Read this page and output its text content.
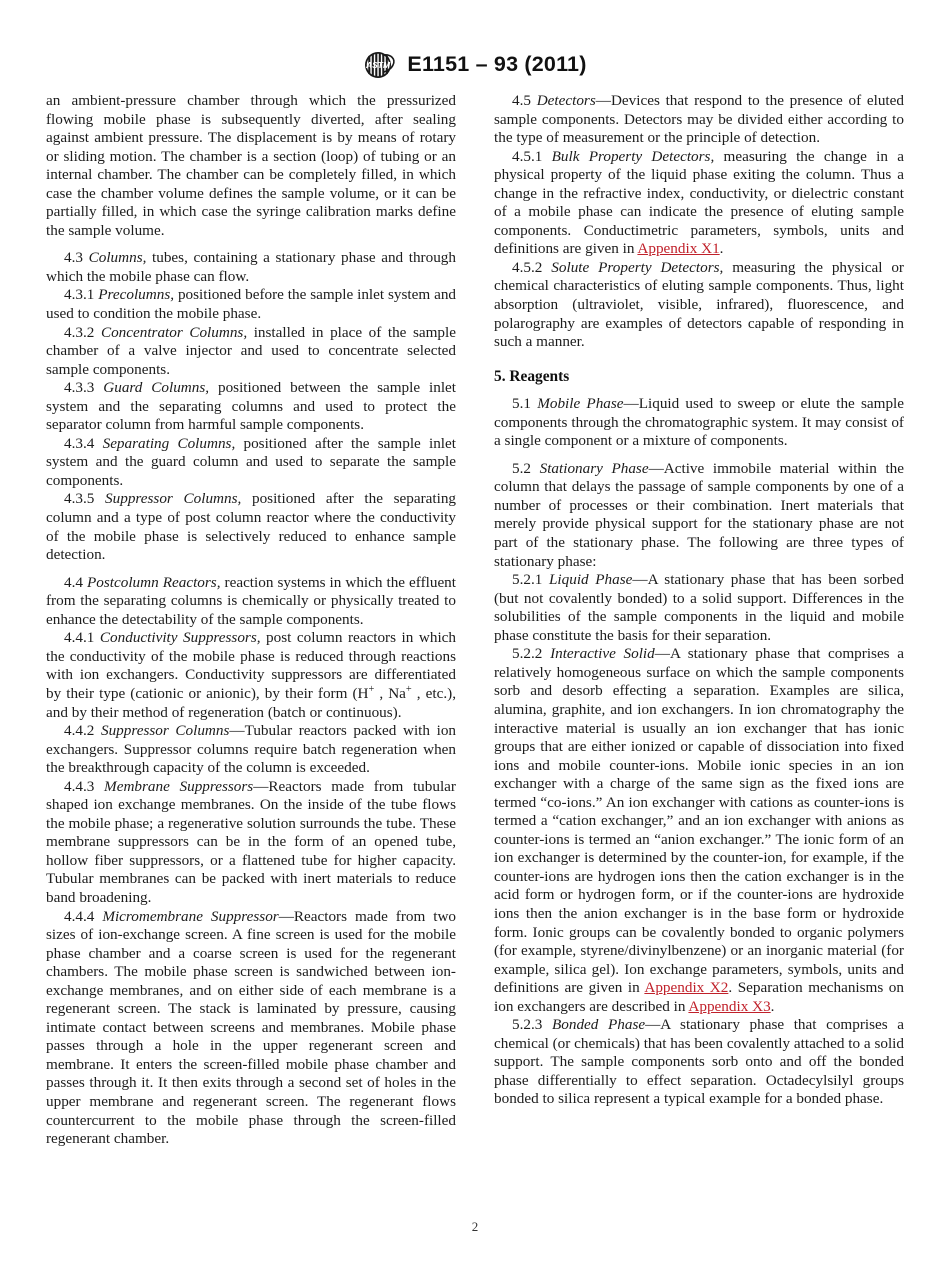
ASTM E1151 – 93 (2011)

an ambient-pressure chamber through which the pressurized flowing mobile phase is subsequently diverted, after sealing against ambient pressure. The displacement is by means of rotary or sliding motion. The chamber is a section (loop) of tubing or an internal chamber. The chamber can be completely filled, in which case the chamber volume defines the sample volume, or it can be partially filled, in which case the syringe calibration marks define the sample volume.

4.3 Columns, tubes, containing a stationary phase and through which the mobile phase can flow.

4.3.1 Precolumns, positioned before the sample inlet system and used to condition the mobile phase.

4.3.2 Concentrator Columns, installed in place of the sample chamber of a valve injector and used to concentrate selected sample components.

4.3.3 Guard Columns, positioned between the sample inlet system and the separating columns and used to protect the separator column from harmful sample components.

4.3.4 Separating Columns, positioned after the sample inlet system and the guard column and used to separate the sample components.

4.3.5 Suppressor Columns, positioned after the separating column and a type of post column reactor where the conductivity of the mobile phase is selectively reduced to enhance sample detection.

4.4 Postcolumn Reactors, reaction systems in which the effluent from the separating columns is chemically or physically treated to enhance the detectability of the sample components.

4.4.1 Conductivity Suppressors, post column reactors in which the conductivity of the mobile phase is reduced through reactions with ion exchangers. Conductivity suppressors are differentiated by their type (cationic or anionic), by their form (H+ , Na+ , etc.), and by their method of regeneration (batch or continuous).

4.4.2 Suppressor Columns—Tubular reactors packed with ion exchangers. Suppressor columns require batch regeneration when the breakthrough capacity of the column is exceeded.

4.4.3 Membrane Suppressors—Reactors made from tubular shaped ion exchange membranes. On the inside of the tube flows the mobile phase; a regenerative solution surrounds the tube. These membrane suppressors can be in the form of an opened tube, hollow fiber suppressors, or a flattened tube for higher capacity. Tubular membranes can be packed with inert materials to reduce band broadening.

4.4.4 Micromembrane Suppressor—Reactors made from two sizes of ion-exchange screen. A fine screen is used for the mobile phase chamber and a coarse screen is used for the regenerant chambers. The mobile phase screen is sandwiched between ion-exchange membranes, and on either side of each membrane is a regenerant screen. The stack is laminated by pressure, causing intimate contact between screens and membranes. Mobile phase passes through a hole in the upper regenerant screen and membrane. It enters the screen-filled mobile phase chamber and passes through it. It then exits through a second set of holes in the upper membrane and regenerant screen. The regenerant flows countercurrent to the mobile phase through the screen-filled regenerant chamber.

4.5 Detectors—Devices that respond to the presence of eluted sample components. Detectors may be divided either according to the type of measurement or the principle of detection.

4.5.1 Bulk Property Detectors, measuring the change in a physical property of the liquid phase exiting the column. Thus a change in the refractive index, conductivity, or dielectric constant of a mobile phase can indicate the presence of eluting sample components. Conductimetric parameters, symbols, units and definitions are given in Appendix X1.

4.5.2 Solute Property Detectors, measuring the physical or chemical characteristics of eluting sample components. Thus, light absorption (ultraviolet, visible, infrared), fluorescence, and polarography are examples of detectors capable of responding in such a manner.

5. Reagents

5.1 Mobile Phase—Liquid used to sweep or elute the sample components through the chromatographic system. It may consist of a single component or a mixture of components.

5.2 Stationary Phase—Active immobile material within the column that delays the passage of sample components by one of a number of processes or their combination. Inert materials that merely provide physical support for the stationary phase are not part of the stationary phase. The following are three types of stationary phase:

5.2.1 Liquid Phase—A stationary phase that has been sorbed (but not covalently bonded) to a solid support. Differences in the solubilities of the sample components in the liquid and mobile phase constitute the basis for their separation.

5.2.2 Interactive Solid—A stationary phase that comprises a relatively homogeneous surface on which the sample components sorb and desorb effecting a separation. Examples are silica, alumina, graphite, and ion exchangers. In ion chromatography the interactive material is usually an ion exchanger that has ionic groups that are either ionized or capable of dissociation into fixed ions and mobile counter-ions. Mobile ionic species in an ion exchanger with a charge of the same sign as the fixed ions are termed “co-ions.” An ion exchanger with cations as counter-ions is termed a “cation exchanger,” and an ion exchanger with anions as counter-ions is termed an “anion exchanger.” The ionic form of an ion exchanger is determined by the counter-ion, for example, if the counter-ions are hydrogen ions then the cation exchanger is in the acid form or hydrogen form, or if the counter-ions are hydroxide ions then the anion exchanger is in the base form or hydroxide form. Ionic groups can be covalently bonded to organic polymers (for example, styrene/divinylbenzene) or an inorganic material (for example, silica gel). Ion exchange parameters, symbols, units and definitions are given in Appendix X2. Separation mechanisms on ion exchangers are described in Appendix X3.

5.2.3 Bonded Phase—A stationary phase that comprises a chemical (or chemicals) that has been covalently attached to a solid support. The sample components sorb onto and off the bonded phase differentially to effect separation. Octadecylsilyl groups bonded to silica represent a typical example for a bonded phase.

2
